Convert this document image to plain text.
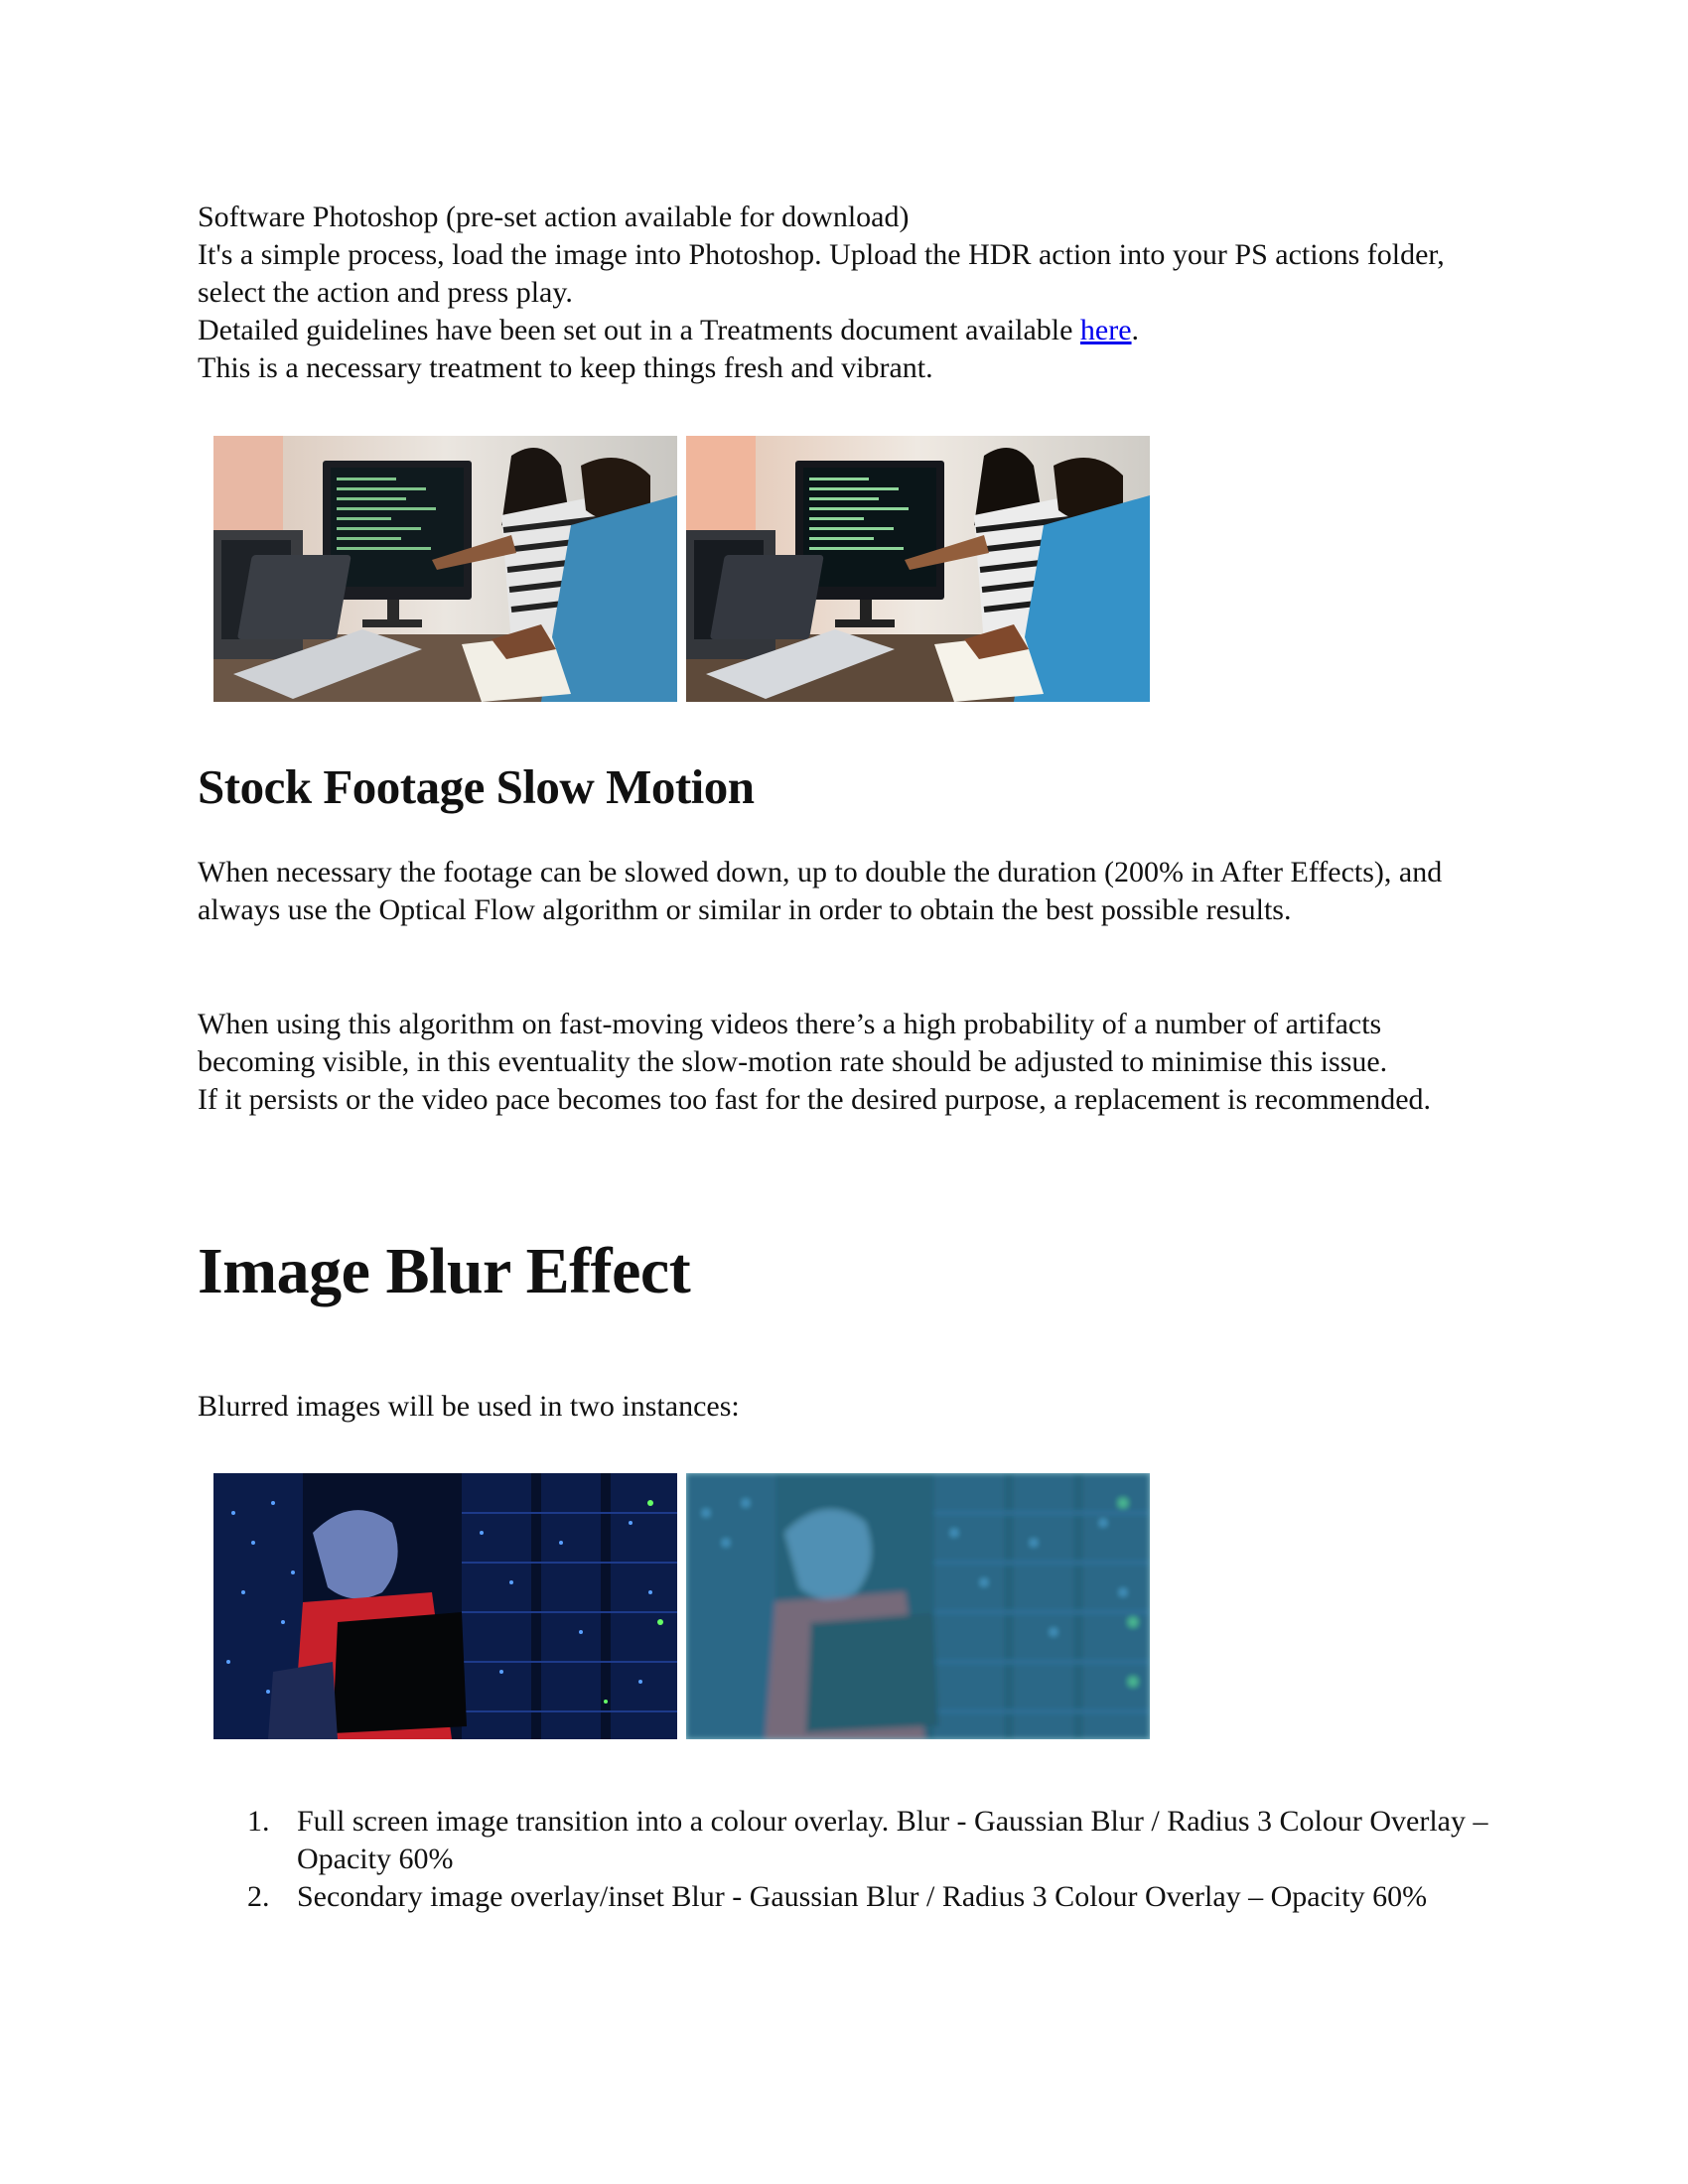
Software Photoshop (pre-set action available for download)

It's a simple process, load the image into Photoshop. Upload the HDR action into your PS actions folder, select the action and press play.

Detailed guidelines have been set out in a Treatments document available here.

This is a necessary treatment to keep things fresh and vibrant.

Stock Footage Slow Motion

When necessary the footage can be slowed down, up to double the duration (200% in After Effects), and always use the Optical Flow algorithm or similar in order to obtain the best possible results.

When using this algorithm on fast-moving videos there’s a high probability of a number of artifacts becoming visible, in this eventuality the slow-motion rate should be adjusted to minimise this issue.

If it persists or the video pace becomes too fast for the desired purpose, a replacement is recommended.

Image Blur Effect

Blurred images will be used in two instances:

1. Full screen image transition into a colour overlay. Blur - Gaussian Blur / Radius 3 Colour Overlay – Opacity 60%
2. Secondary image overlay/inset Blur - Gaussian Blur / Radius 3 Colour Overlay – Opacity 60%
